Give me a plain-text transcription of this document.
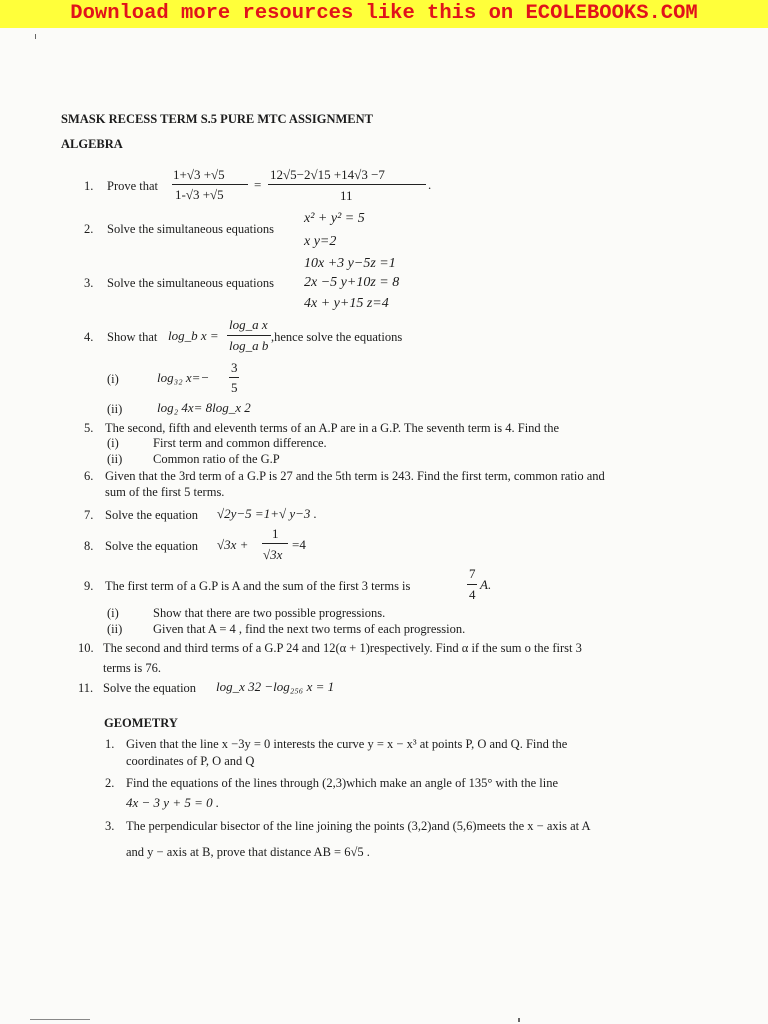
Download more resources like this on ECOLEBOOKS.COM
SMASK RECESS TERM S.5 PURE MTC ASSIGNMENT
ALGEBRA
1. Prove that
1+√3 +√5
1-√3 +√5
=
12√5−2√15 +14√3 −7
11
.
2. Solve the simultaneous equations
x² + y² = 5
x y=2
10x +3 y−5z =1
3. Solve the simultaneous equations 2x −5 y+10z = 8
4x + y+15 z=4
4. Show that log_b x =
log_a x
log_a b
,hence solve the equations
(i)	log₃₂ x=−
3
5
(ii)	log₂ 4x= 8log_x 2
5. The second, fifth and eleventh terms of an A.P are in a G.P. The seventh term is 4. Find the
(i)	First term and common difference.
(ii) Common ratio of the G.P
6. Given that the 3rd term of a G.P is 27 and the 5th term is 243. Find the first term, common ratio and
sum of the first 5 terms.
7. Solve the equation √2y−5 =1+√ y−3 .
8. Solve the equation √3x +
1
√3x
=4
9. The first term of a G.P is A and the sum of the first 3 terms is
7
4
A.
(i)	Show that there are two possible progressions.
(ii) Given that A = 4 , find the next two terms of each progression.
10. The second and third terms of a G.P 24 and 12(α + 1)respectively. Find α if the sum o the first 3
terms is 76.
11. Solve the equation log_x 32 −log₂₅₆ x = 1
GEOMETRY
1. Given that the line x −3y = 0 interests the curve y = x − x³ at points P, O and Q. Find the
coordinates of P, O and Q
2. Find the equations of the lines through (2,3)which make an angle of 135° with the line
4x − 3 y + 5 = 0 .
3. The perpendicular bisector of the line joining the points (3,2)and (5,6)meets the x − axis at A
and y − axis at B, prove that distance AB = 6√5 .
